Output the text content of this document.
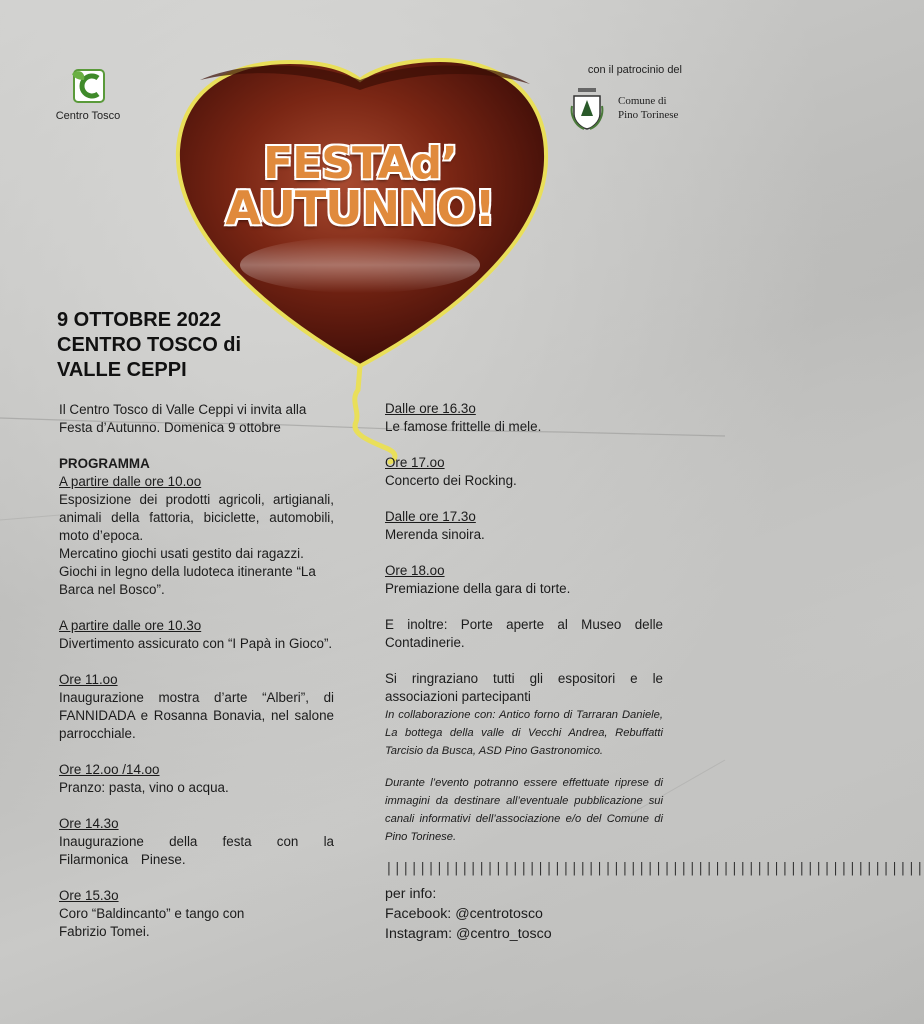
Centro Tosco
con il patrocinio del
Comune di
Pino Torinese
FESTAd’
AUTUNNO!
9 OTTOBRE 2022
CENTRO TOSCO di
VALLE CEPPI

Il Centro Tosco di Valle Ceppi vi invita alla Festa d’Autunno. Domenica 9 ottobre

PROGRAMMA

A partire dalle ore 10.oo

Esposizione dei prodotti agricoli, artigianali, animali della fattoria, biciclette, automobili, moto d’epoca.

Mercatino giochi usati gestito dai ragazzi.

Giochi in legno della ludoteca itinerante “La Barca nel Bosco”.

A partire dalle ore 10.3o

Divertimento assicurato con “I Papà in Gioco”.

Ore 11.oo

Inaugurazione mostra d’arte “Alberi”, di FANNIDADA e Rosanna Bonavia, nel salone parrocchiale.

Ore 12.oo /14.oo

Pranzo: pasta, vino o acqua.

Ore 14.3o

Inaugurazione della festa con la Filarmonica Pinese.

Ore 15.3o

Coro “Baldincanto” e tango con

Fabrizio Tomei.

Dalle ore 16.3o

Le famose frittelle di mele.

Ore 17.oo

Concerto dei Rocking.

Dalle ore 17.3o

Merenda sinoira.

Ore 18.oo

Premiazione della gara di torte.

E inoltre: Porte aperte al Museo delle Contadinerie.

Si ringraziano tutti gli espositori e le associazioni partecipanti

In collaborazione con: Antico forno di Tarraran Daniele, La bottega della valle di Vecchi Andrea, Rebuffatti Tarcisio da Busca, ASD Pino Gastronomico.

Durante l’evento potranno essere effettuate riprese di immagini da destinare all’eventuale pubblicazione sui canali informativi dell’associazione e/o del Comune di Pino Torinese.

||||||||||||||||||||||||||||||||||||||||||||||||||||||||||||||||

per info:

Facebook: @centrotosco

Instagram: @centro_tosco
